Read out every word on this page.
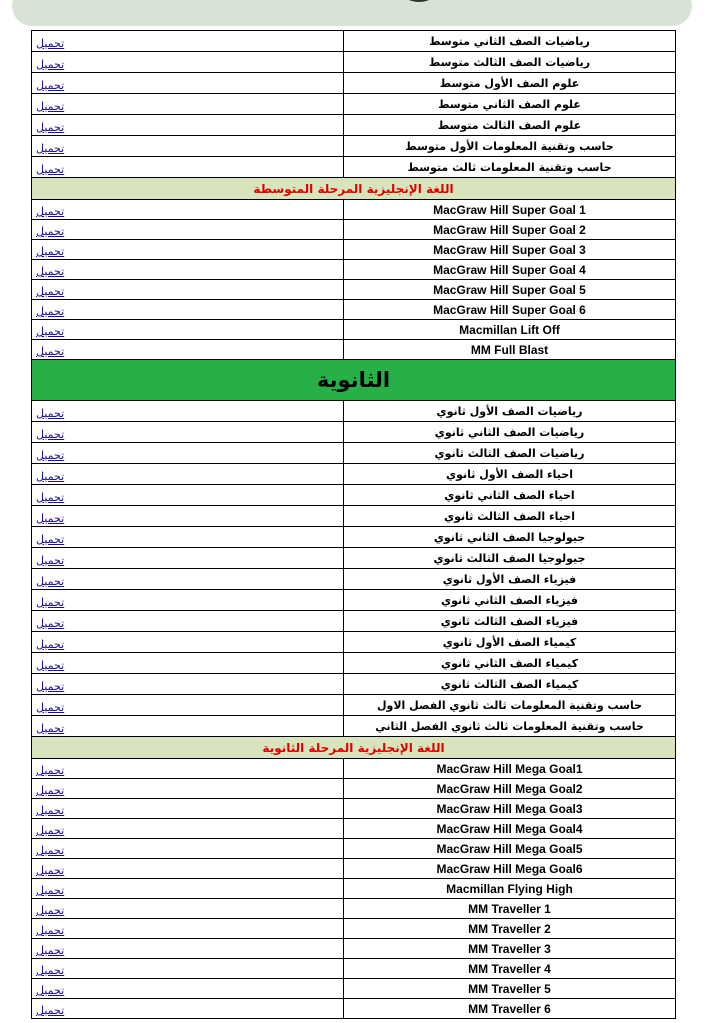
تحميل	رياضيات الصف الثاني متوسط
تحميل	رياضيات الصف الثالث متوسط
تحميل	علوم الصف الأول متوسط
تحميل	علوم الصف الثاني متوسط
تحميل	علوم الصف الثالث متوسط
تحميل	حاسب وتقنية المعلومات الأول متوسط
تحميل	حاسب وتقنية المعلومات ثالث متوسط
اللغة الإنجليزية المرحلة المتوسطة	
تحميل	MacGraw Hill Super Goal 1
تحميل	MacGraw Hill Super Goal 2
تحميل	MacGraw Hill Super Goal 3
تحميل	MacGraw Hill Super Goal 4
تحميل	MacGraw Hill Super Goal 5
تحميل	MacGraw Hill Super Goal 6
تحميل	Macmillan Lift Off
تحميل	MM Full Blast
الثانوية	
تحميل	رياضيات الصف الأول ثانوي
تحميل	رياضيات الصف الثاني ثانوي
تحميل	رياضيات الصف الثالث ثانوي
تحميل	احياء الصف الأول ثانوي
تحميل	احياء الصف الثاني ثانوي
تحميل	احياء الصف الثالث ثانوي
تحميل	جيولوجيا الصف الثاني ثانوي
تحميل	جيولوجيا الصف الثالث ثانوي
تحميل	فيزياء الصف الأول ثانوي
تحميل	فيزياء الصف الثاني ثانوي
تحميل	فيزياء الصف الثالث ثانوي
تحميل	كيمياء الصف الأول ثانوي
تحميل	كيمياء الصف الثاني ثانوي
تحميل	كيمياء الصف الثالث ثانوي
تحميل	حاسب وتقنية المعلومات ثالث ثانوي الفصل الاول
تحميل	حاسب وتقنية المعلومات ثالث ثانوي الفصل الثاني
اللغة الإنجليزية المرحلة الثانوية	
تحميل	MacGraw Hill Mega Goal1
تحميل	MacGraw Hill Mega Goal2
تحميل	MacGraw Hill Mega Goal3
تحميل	MacGraw Hill Mega Goal4
تحميل	MacGraw Hill Mega Goal5
تحميل	MacGraw Hill Mega Goal6
تحميل	Macmillan Flying High
تحميل	MM Traveller 1
تحميل	MM Traveller 2
تحميل	MM Traveller 3
تحميل	MM Traveller 4
تحميل	MM Traveller 5
تحميل	MM Traveller 6
